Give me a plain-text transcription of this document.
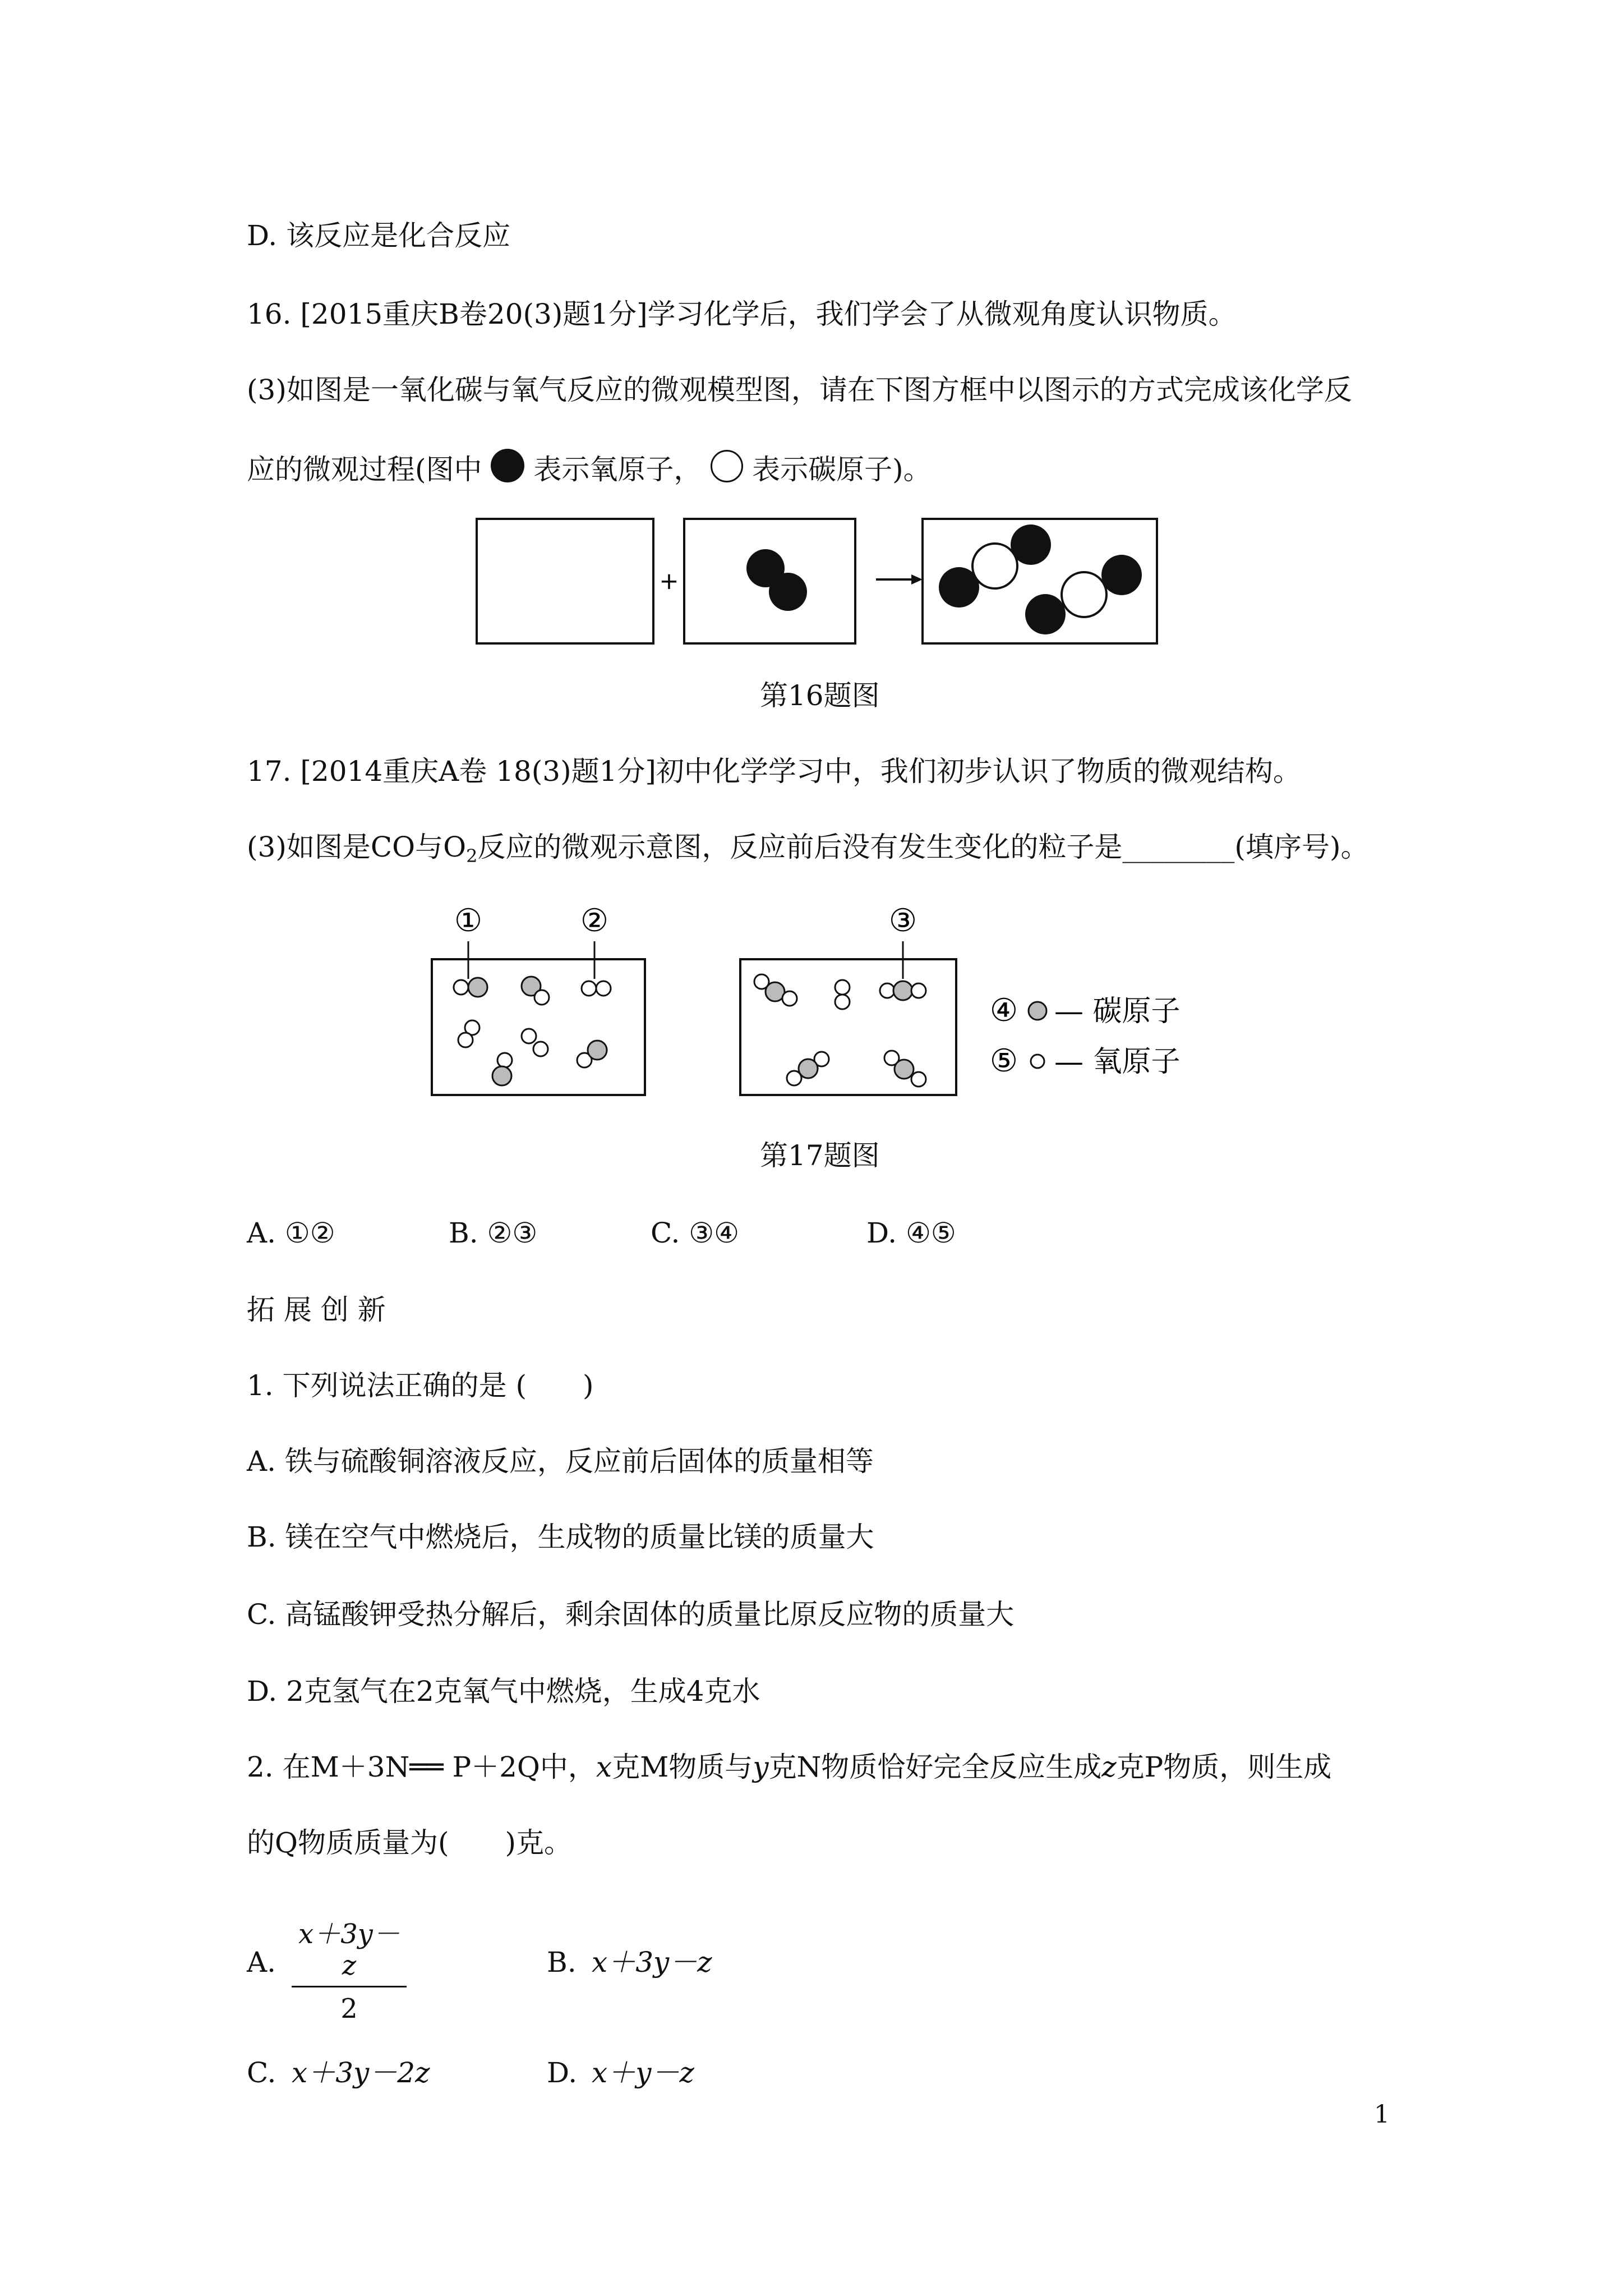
D. 该反应是化合反应
16. [2015重庆B卷20(3)题1分]学习化学后，我们学会了从微观角度认识物质。
(3)如图是一氧化碳与氧气反应的微观模型图，请在下图方框中以图示的方式完成该化学反
应的微观过程(图中 表示氧原子， 表示碳原子)。
+
第16题图
17. [2014重庆A卷 18(3)题1分]初中化学学习中，我们初步认识了物质的微观结构。
(3)如图是CO与$O_2$反应的微观示意图，反应前后没有发生变化的粒子是________(填序号)。
①	②	③
④ — 碳原子
⑤ — 氧原子
第17题图
A. ①②	B. ②③	C. ③④	D. ④⑤
拓 展 创 新
1. 下列说法正确的是 (　　)
A. 铁与硫酸铜溶液反应，反应前后固体的质量相等
B. 镁在空气中燃烧后，生成物的质量比镁的质量大
C. 高锰酸钾受热分解后，剩余固体的质量比原反应物的质量大
D. 2克氢气在2克氧气中燃烧，生成4克水
2. 在M＋3N══ P＋2Q中，x克M物质与y克N物质恰好完全反应生成z克P物质，则生成
的Q物质质量为(　　)克。
A.
x＋3y－z
2
B. x＋3y－z
C. x＋3y－2z	D. x＋y－z
1
